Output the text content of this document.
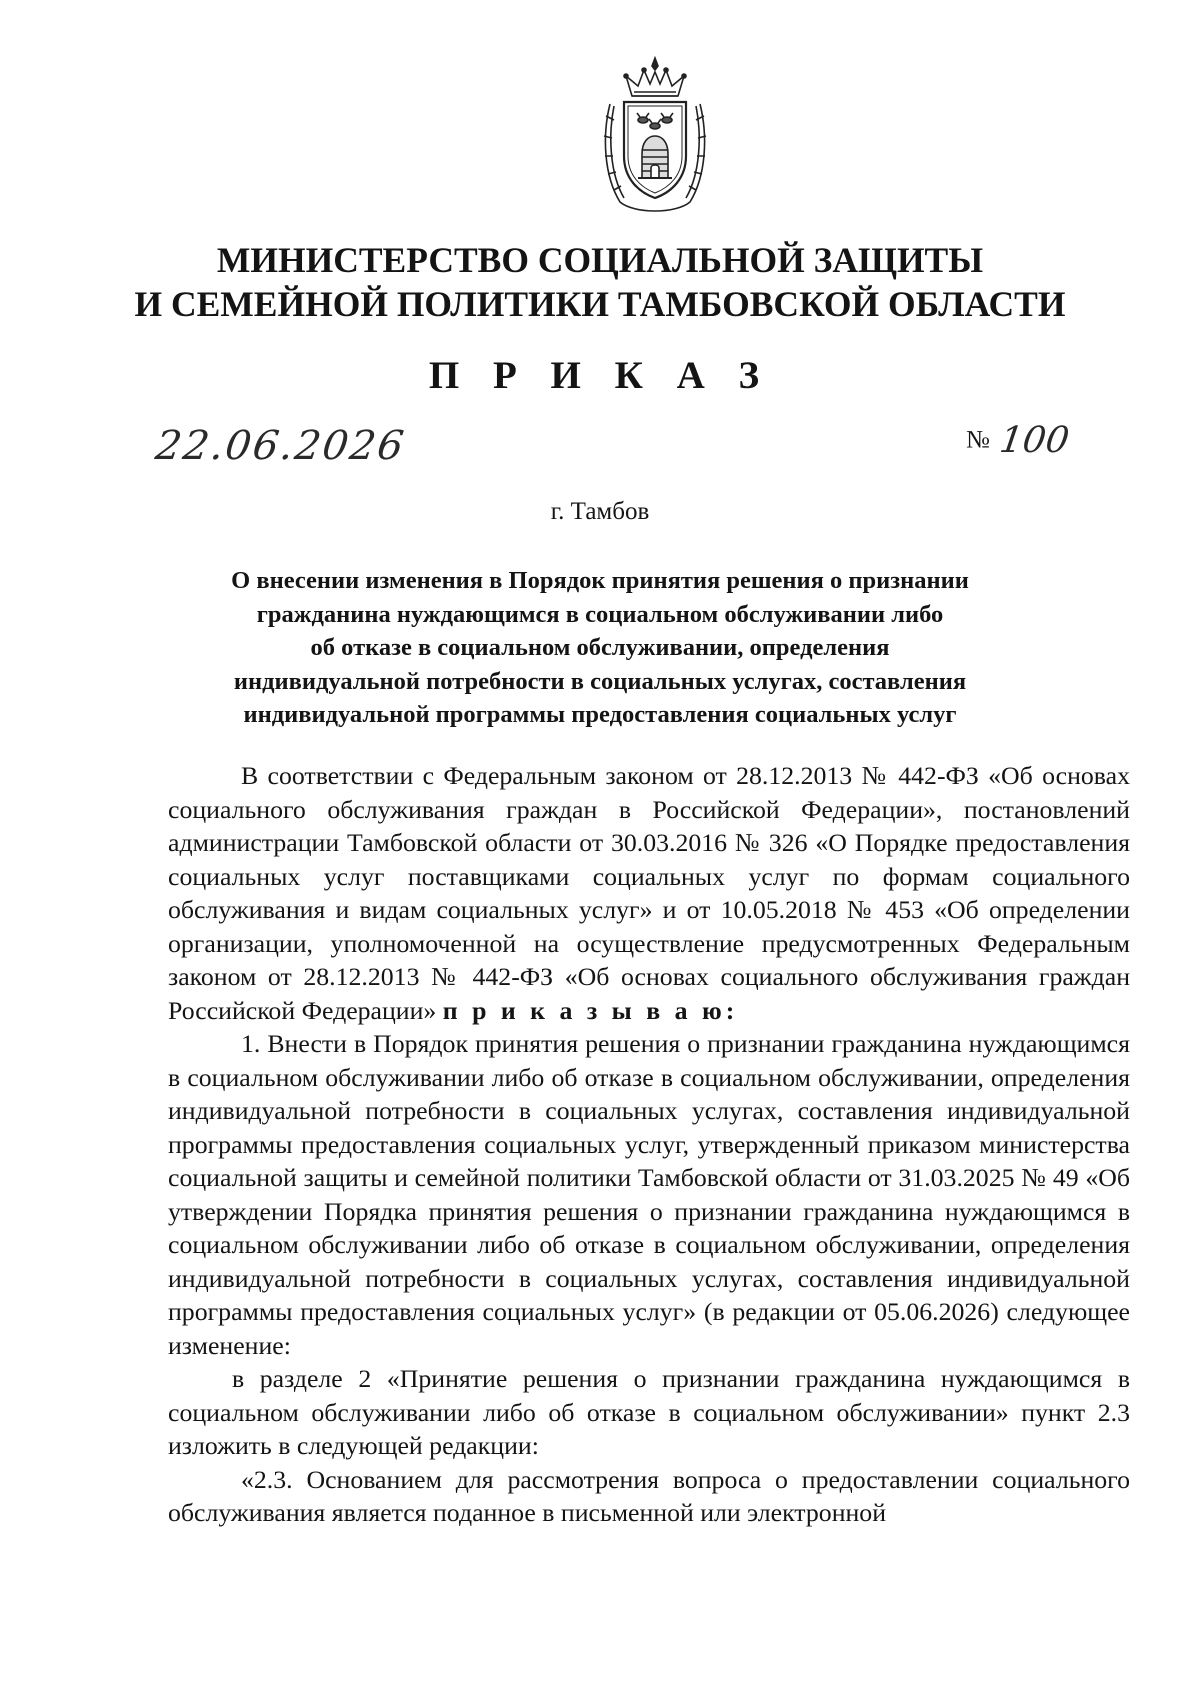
МИНИСТЕРСТВО СОЦИАЛЬНОЙ ЗАЩИТЫ
И СЕМЕЙНОЙ ПОЛИТИКИ ТАМБОВСКОЙ ОБЛАСТИ
П Р И К А З
22.06.2026	№ 100
г. Тамбов
О внесении изменения в Порядок принятия решения о признании
гражданина нуждающимся в социальном обслуживании либо
об отказе в социальном обслуживании, определения
индивидуальной потребности в социальных услугах, составления
индивидуальной программы предоставления социальных услуг

В соответствии с Федеральным законом от 28.12.2013 № 442-ФЗ «Об основах социального обслуживания граждан в Российской Федерации», постановлений администрации Тамбовской области от 30.03.2016 № 326 «О Порядке предоставления социальных услуг поставщиками социальных услуг по формам социального обслуживания и видам социальных услуг» и от 10.05.2018 № 453 «Об определении организации, уполномоченной на осуществление предусмотренных Федеральным законом от 28.12.2013 № 442-ФЗ «Об основах социального обслуживания граждан Российской Федерации» п р и к а з ы в а ю:

1. Внести в Порядок принятия решения о признании гражданина нуждающимся в социальном обслуживании либо об отказе в социальном обслуживании, определения индивидуальной потребности в социальных услугах, составления индивидуальной программы предоставления социальных услуг, утвержденный приказом министерства социальной защиты и семейной политики Тамбовской области от 31.03.2025 № 49 «Об утверждении Порядка принятия решения о признании гражданина нуждающимся в социальном обслуживании либо об отказе в социальном обслуживании, определения индивидуальной потребности в социальных услугах, составления индивидуальной программы предоставления социальных услуг» (в редакции от 05.06.2026) следующее изменение:

в разделе 2 «Принятие решения о признании гражданина нуждающимся в социальном обслуживании либо об отказе в социальном обслуживании» пункт 2.3 изложить в следующей редакции:

«2.3. Основанием для рассмотрения вопроса о предоставлении социального обслуживания является поданное в письменной или электронной
